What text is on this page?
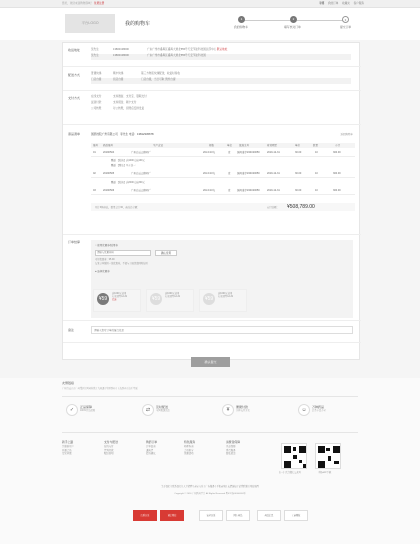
您好，欢迎来到购物商城！ 免费注册	李娜 我的订单 收藏夹 客户服务
平台LOGO	我的购物车
1	2	3
我的购物车	填写核对订单	提交订单
收货地址	吴先生	13800138000	广东广州市番禺区番禺大道北555号天安节能科技园总部中心 默认地址
吴先生	13800138000	广东广州市番禺区番禺大道北555号天安节能科技园
配送方式	普通快递	顺丰快递	第三方物流快递配送，收货时验收
门店自提	到店自提	门店自提，当日可取 预约自提
支付方式	在线支付	支持微信、支付宝、银联支付
货到付款	支持现金、刷卡支付
公司转账	对公转账，到账后安排发货
商品清单	国药控股广州有限公司 李先生 电话：13812345678	返回购物车
编号 商品编号	生产企业	规格	单位	批准文号	有效期至	单价	数量	小计
01	20190504	广州白云山制药厂	20ml×10支	盒	国药准字Z44020050	2019-12-31	30.00	10	300.00
赠品 【促销】满1000元减100元
赠品 【赠品】买十送一
02	20190505	广州白云山制药厂	20ml×10支	盒	国药准字Z44020050	2019-12-31	30.00	10	300.00
赠品 【促销】满2000元减300元
03	20190506	广州白云山制药厂	20ml×10支	盒	国药准字Z44020050	2019-12-31	30.00	10	300.00
共计3种商品，数量合计30，商品总金额：	应付总额： ¥508,789.00
订单结算
○ 使用优惠券/抵用券
请输入优惠券码
确认使用
可用优惠券：¥5.00
每笔订单限用一张优惠券，不能与其他优惠同时使用
● 选择优惠券
备注
请输入您对订单的备注信息
¥59
满1000元使用
有效期至12-31
已选	¥59
满1000元使用
有效期至12-31	¥59
满1000元使用
有效期至12-31
确认提交
友情链接
广州白云山 | 广药集团 | 国药控股 | 九州通 | 华润医药 | 上海医药 | 海王星辰
✓	正品保障
100%正品保障	⇄	及时配送
全国极速送达	¥	便捷付款
多种支付方式	☺	万种药品
品类丰富齐全
新手上路
注册新用户
开通会员
常见问题
支付与配送
在线支付
货到付款
配送说明
购药订单
订单查询
退换货
投诉建议
特色服务
药师咨询
会员积分
优惠活动
消费者保障
正品保障
售后服务
隐私政策
扫一扫关注微信公众号	手机APP下载
关于我们 | 联系我们 | 人才招聘 | 商家入驻 | 广告服务 | 手机商城 | 友情链接 | 销售联盟 | 网站地图
Copyright © 2016 广州医药平台 All Rights Reserved 粤ICP备00000000号
红盾认证	诚信网站	安全认证	网上药品	药品信息	工商网监
